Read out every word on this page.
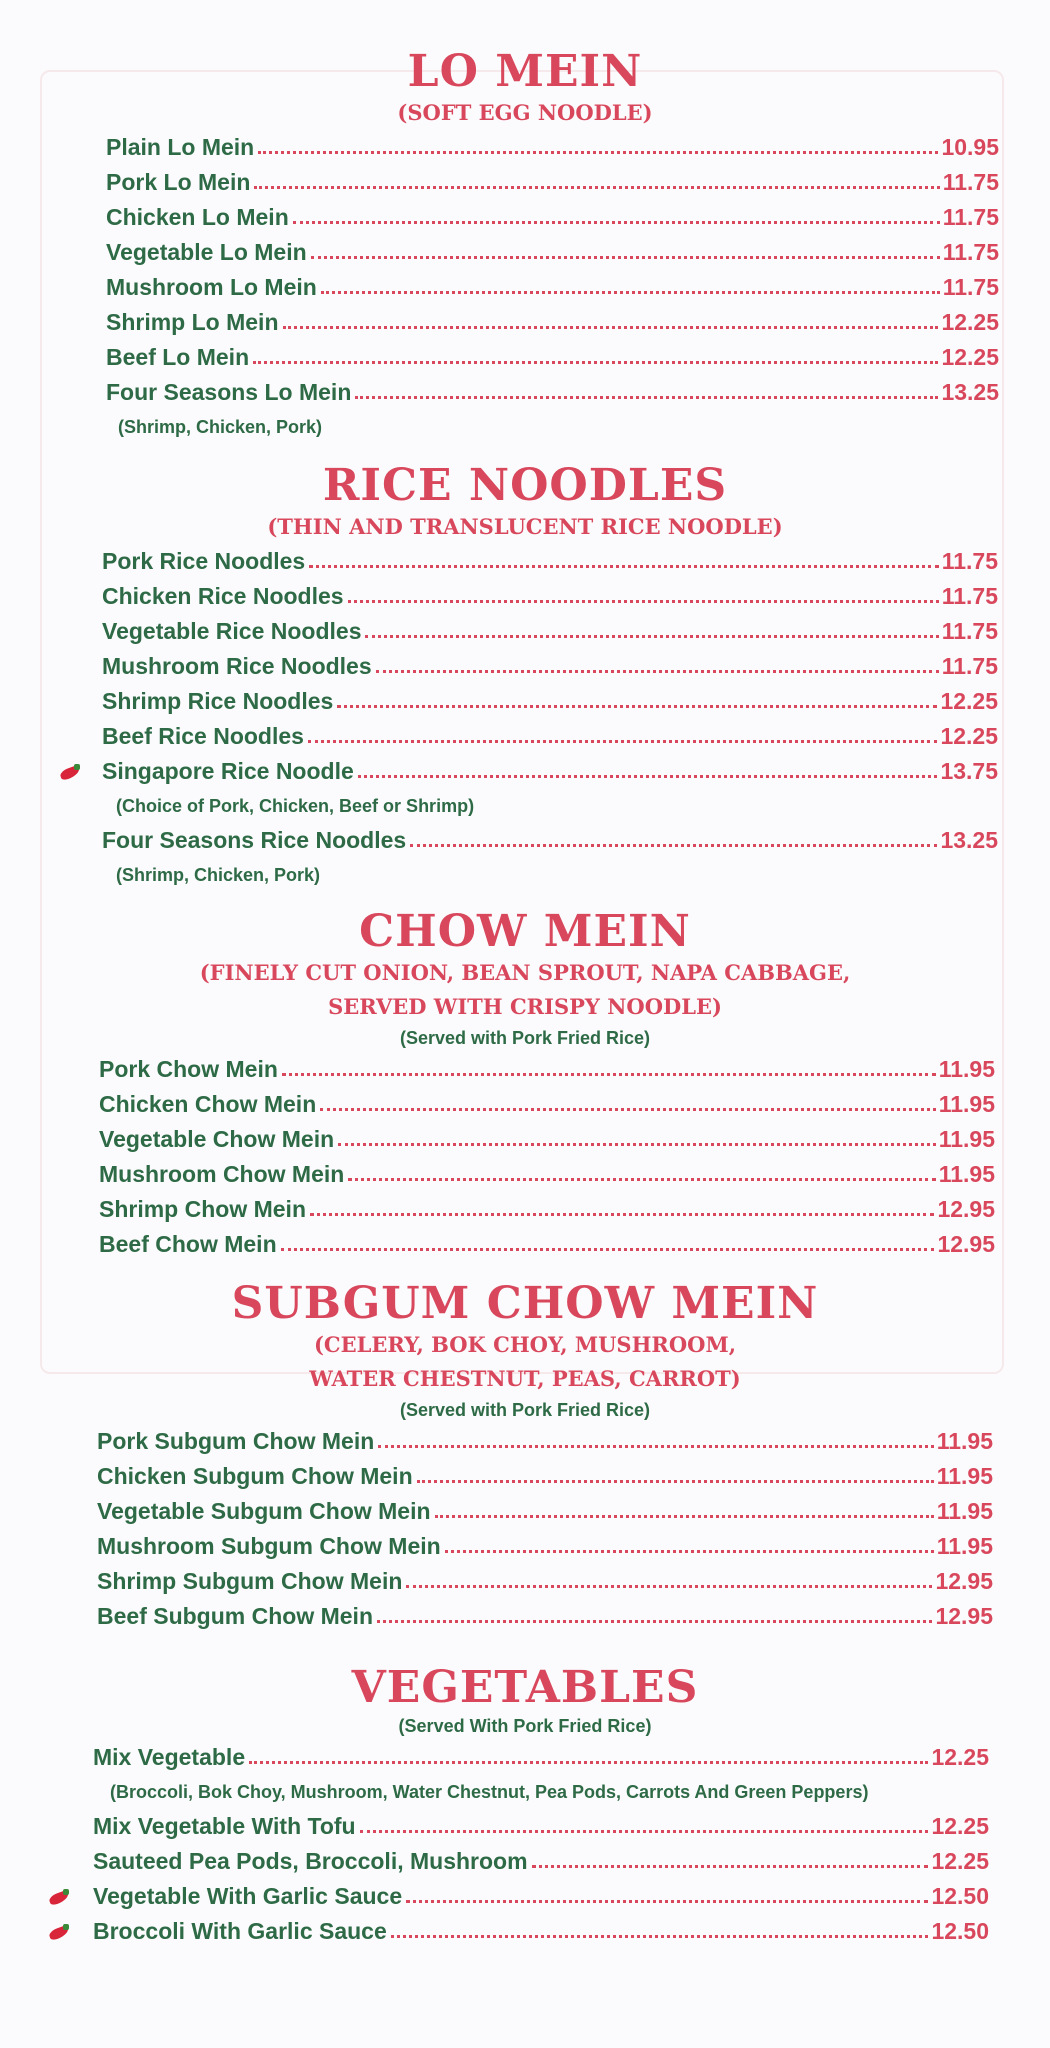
LO MEIN

(SOFT EGG NOODLE)

Plain Lo Mein	10.95
Pork Lo Mein	11.75
Chicken Lo Mein	11.75
Vegetable Lo Mein	11.75
Mushroom Lo Mein	11.75
Shrimp Lo Mein	12.25
Beef Lo Mein	12.25
Four Seasons Lo Mein	13.25
(Shrimp, Chicken, Pork)
RICE NOODLES

(THIN AND TRANSLUCENT RICE NOODLE)

Pork Rice Noodles	11.75
Chicken Rice Noodles	11.75
Vegetable Rice Noodles	11.75
Mushroom Rice Noodles	11.75
Shrimp Rice Noodles	12.25
Beef Rice Noodles	12.25
Singapore Rice Noodle	13.75
(Choice of Pork, Chicken, Beef or Shrimp)
Four Seasons Rice Noodles	13.25
(Shrimp, Chicken, Pork)
CHOW MEIN

(FINELY CUT ONION, BEAN SPROUT, NAPA CABBAGE,

SERVED WITH CRISPY NOODLE)

(Served with Pork Fried Rice)

Pork Chow Mein	11.95
Chicken Chow Mein	11.95
Vegetable Chow Mein	11.95
Mushroom Chow Mein	11.95
Shrimp Chow Mein	12.95
Beef Chow Mein	12.95
SUBGUM CHOW MEIN

(CELERY, BOK CHOY, MUSHROOM,

WATER CHESTNUT, PEAS, CARROT)

(Served with Pork Fried Rice)

Pork Subgum Chow Mein	11.95
Chicken Subgum Chow Mein	11.95
Vegetable Subgum Chow Mein	11.95
Mushroom Subgum Chow Mein	11.95
Shrimp Subgum Chow Mein	12.95
Beef Subgum Chow Mein	12.95
VEGETABLES

(Served With Pork Fried Rice)

Mix Vegetable	12.25
(Broccoli, Bok Choy, Mushroom, Water Chestnut, Pea Pods, Carrots And Green Peppers)
Mix Vegetable With Tofu	12.25
Sauteed Pea Pods, Broccoli, Mushroom	12.25
Vegetable With Garlic Sauce	12.50
Broccoli With Garlic Sauce	12.50
